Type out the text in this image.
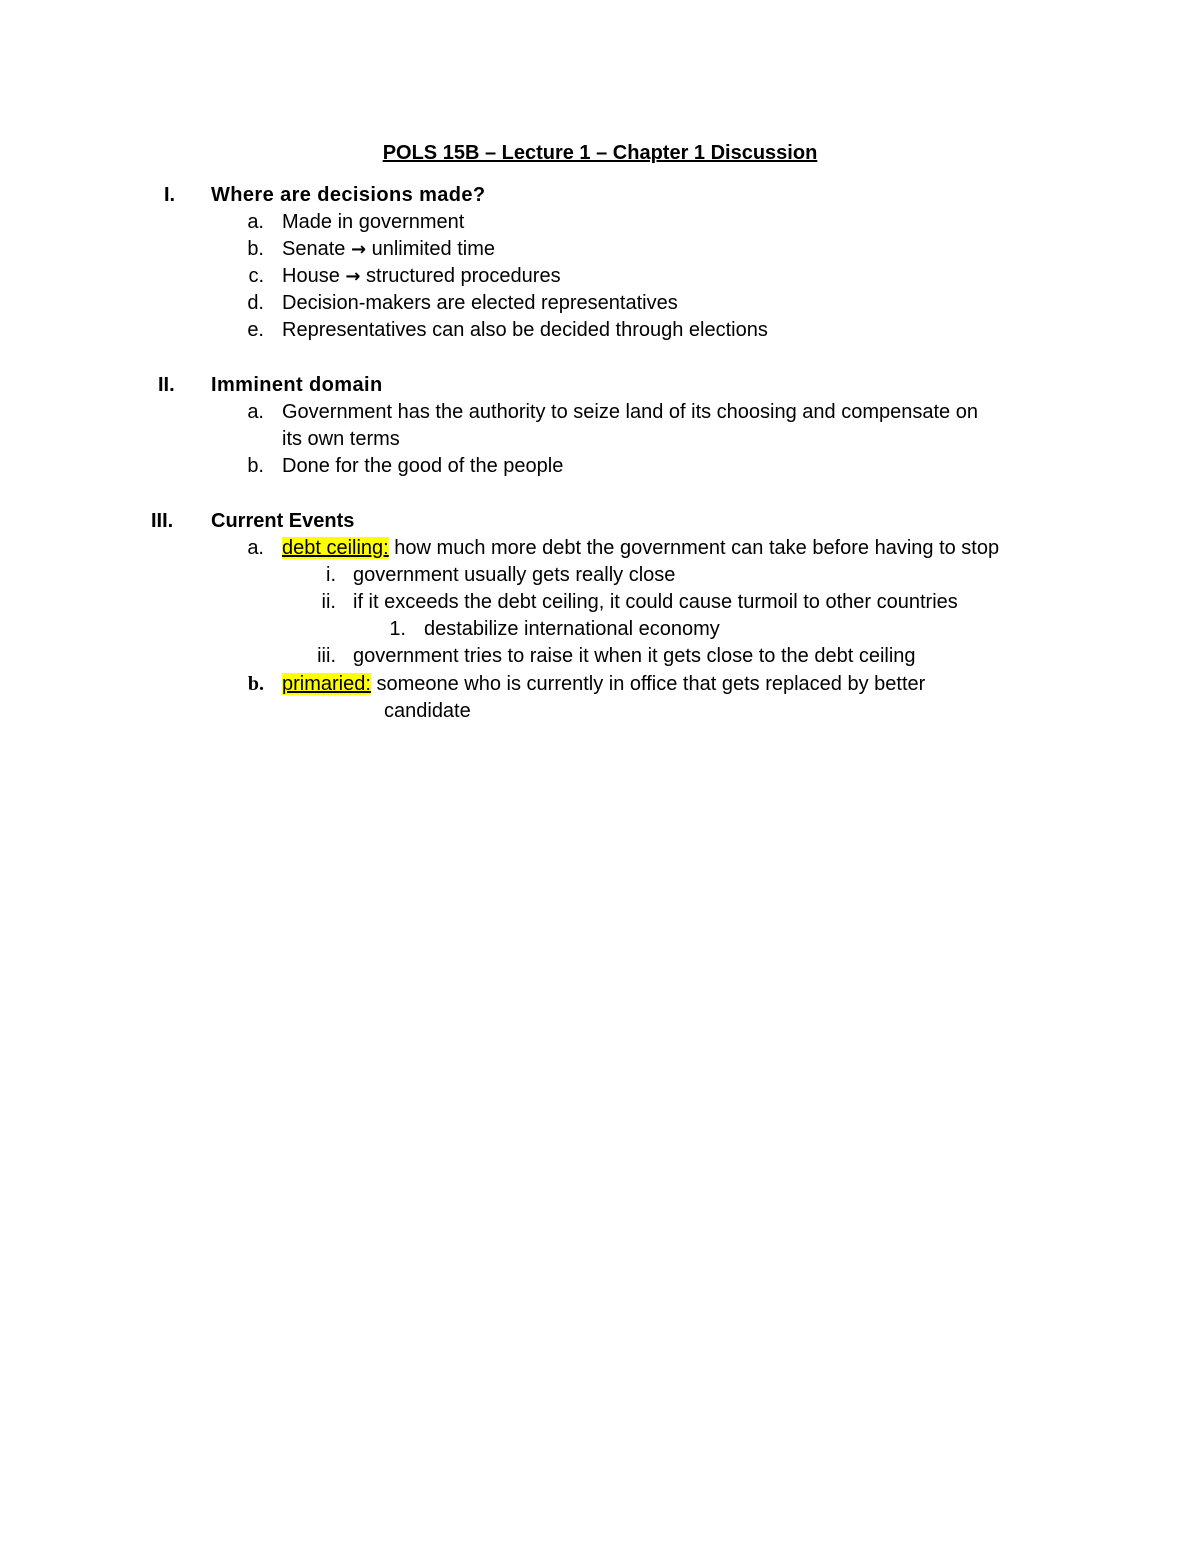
POLS 15B – Lecture 1 – Chapter 1 Discussion
I. Where are decisions made?
a. Made in government
b. Senate → unlimited time
c. House → structured procedures
d. Decision-makers are elected representatives
e. Representatives can also be decided through elections
II. Imminent domain
a. Government has the authority to seize land of its choosing and compensate on
its own terms
b. Done for the good of the people
III. Current Events
a. debt ceiling: how much more debt the government can take before having to stop
i. government usually gets really close
ii. if it exceeds the debt ceiling, it could cause turmoil to other countries
1. destabilize international economy
iii. government tries to raise it when it gets close to the debt ceiling
b. primaried: someone who is currently in office that gets replaced by better
candidate
